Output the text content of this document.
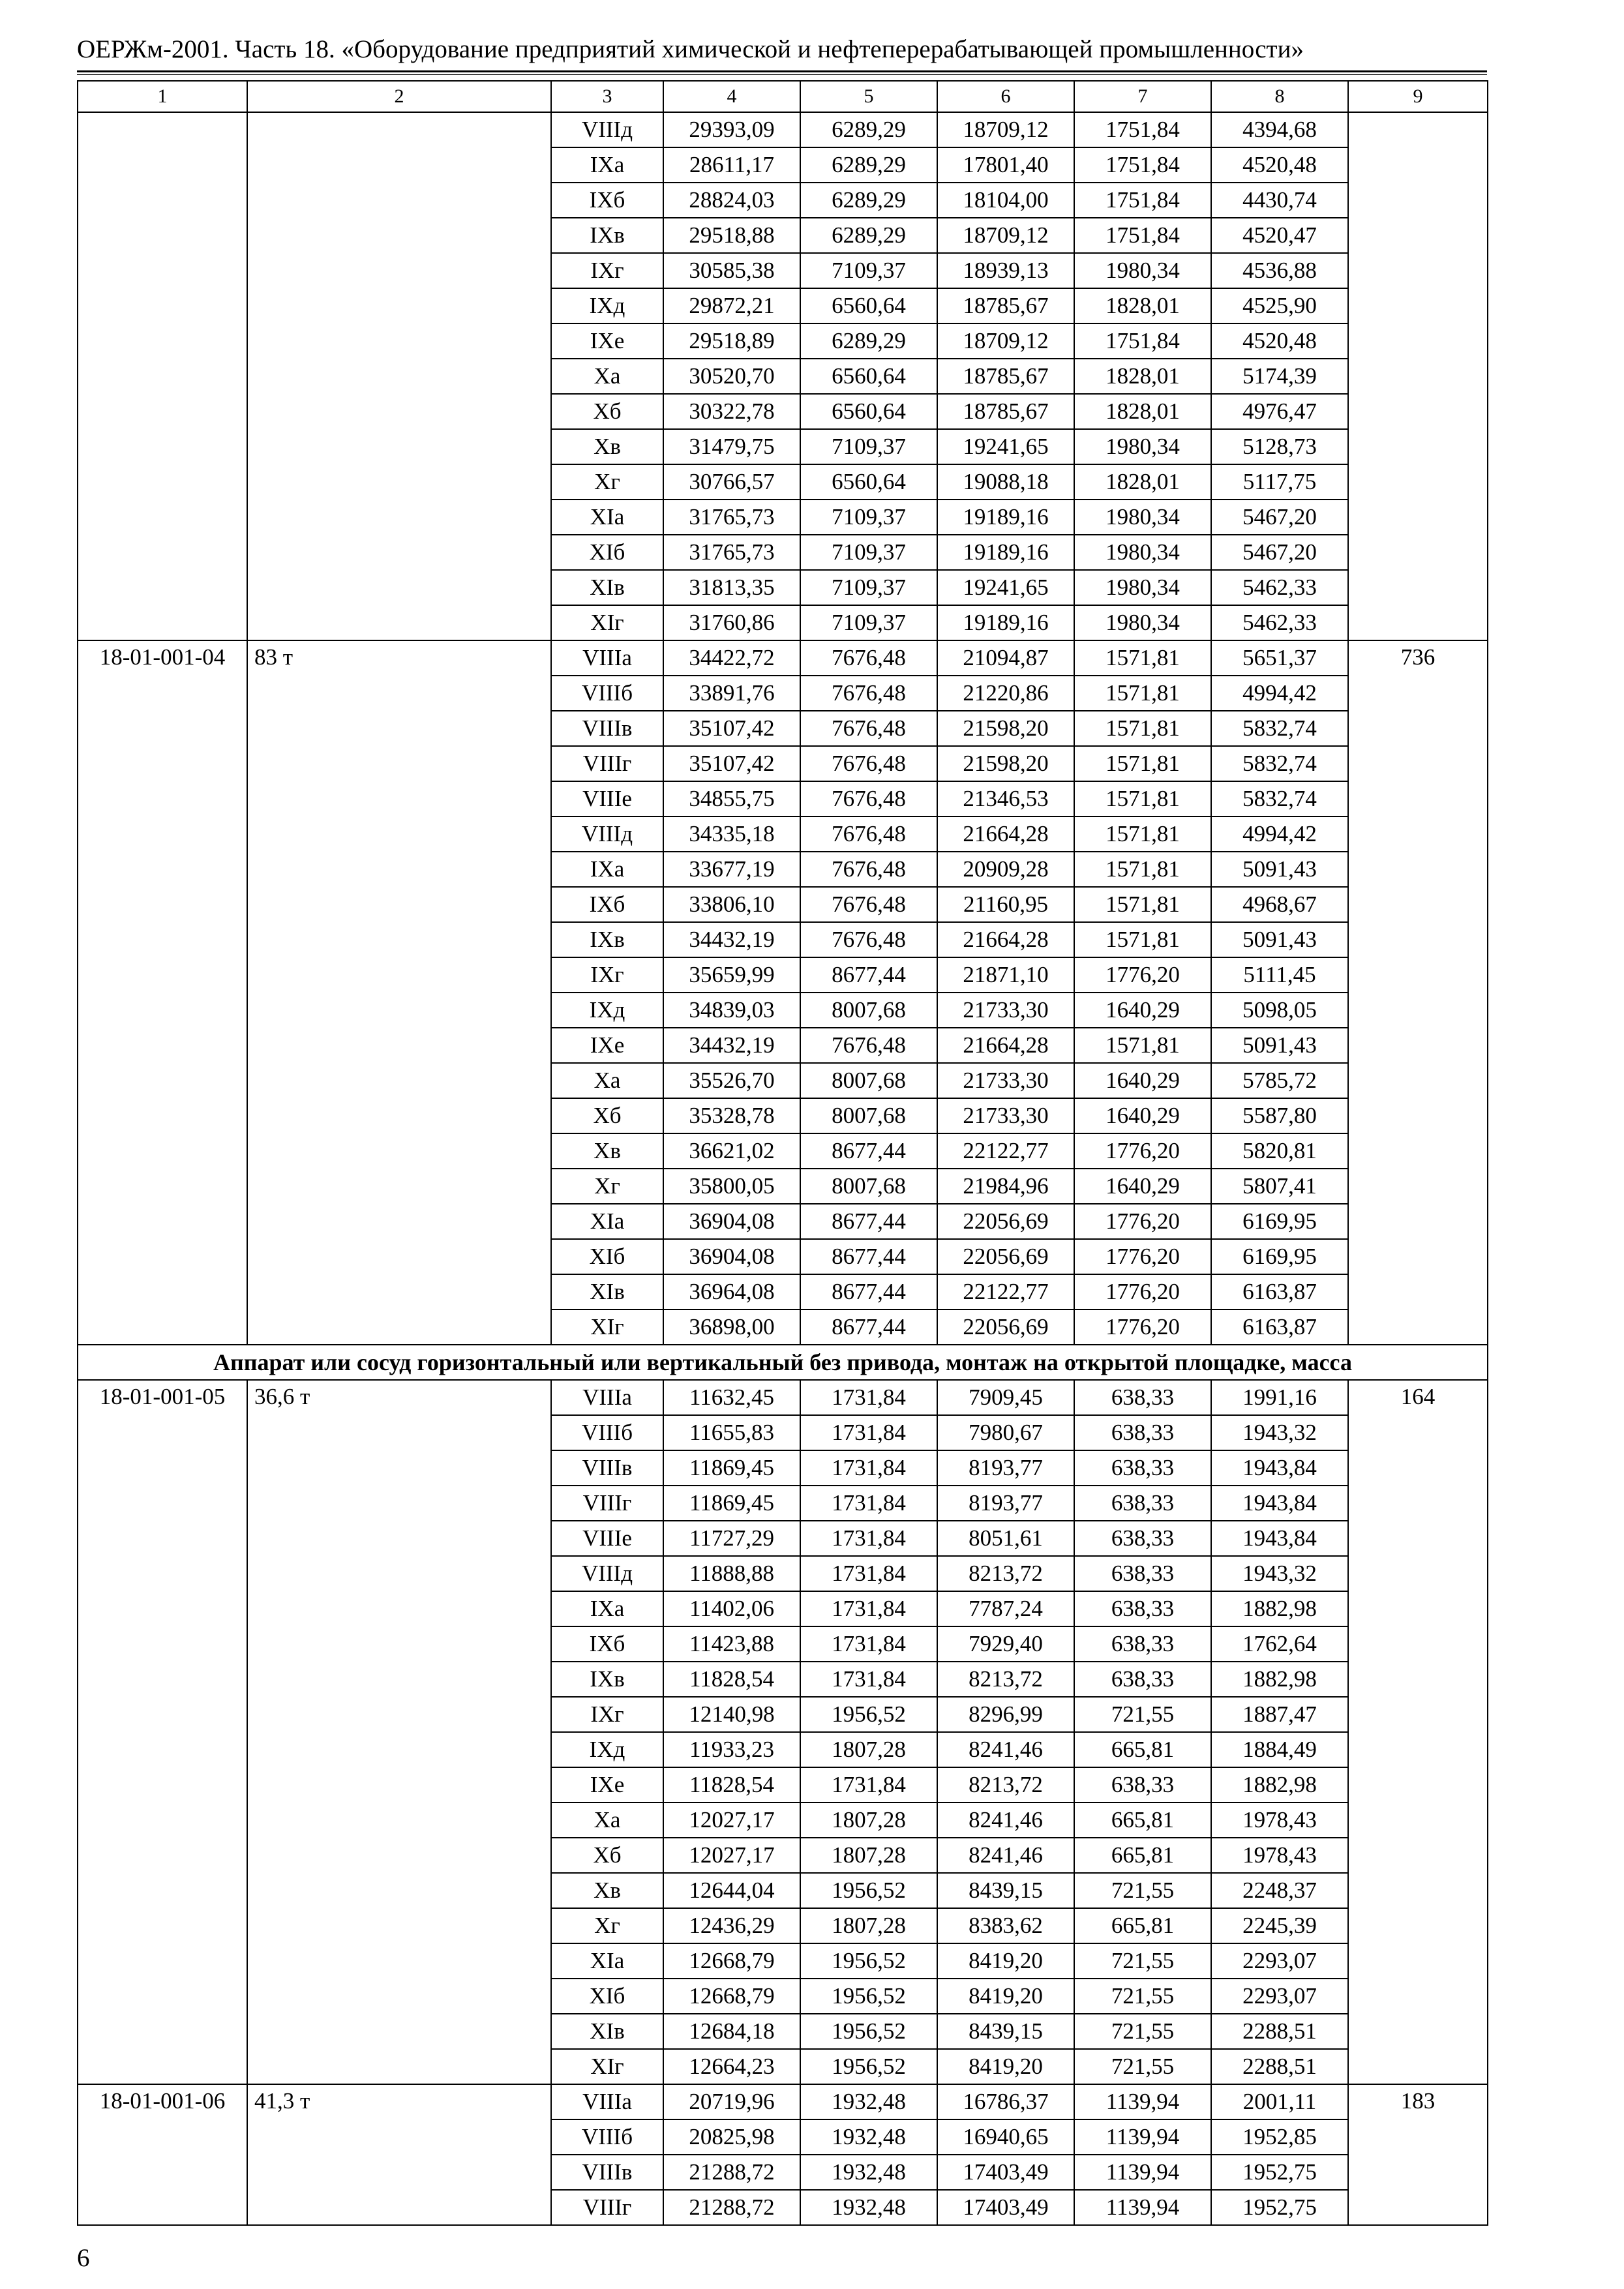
ОЕРЖм-2001. Часть 18. «Оборудование предприятий химической и нефтеперерабатывающей промышленности»
1	2	3	4	5	6	7	8	9
		VIIIд	29393,09	6289,29	18709,12	1751,84	4394,68	
		IXа	28611,17	6289,29	17801,40	1751,84	4520,48	
		IXб	28824,03	6289,29	18104,00	1751,84	4430,74	
		IXв	29518,88	6289,29	18709,12	1751,84	4520,47	
		IXг	30585,38	7109,37	18939,13	1980,34	4536,88	
		IXд	29872,21	6560,64	18785,67	1828,01	4525,90	
		IXе	29518,89	6289,29	18709,12	1751,84	4520,48	
		Xа	30520,70	6560,64	18785,67	1828,01	5174,39	
		Xб	30322,78	6560,64	18785,67	1828,01	4976,47	
		Xв	31479,75	7109,37	19241,65	1980,34	5128,73	
		Xг	30766,57	6560,64	19088,18	1828,01	5117,75	
		XIа	31765,73	7109,37	19189,16	1980,34	5467,20	
		XIб	31765,73	7109,37	19189,16	1980,34	5467,20	
		XIв	31813,35	7109,37	19241,65	1980,34	5462,33	
		XIг	31760,86	7109,37	19189,16	1980,34	5462,33	
18-01-001-04	83 т	VIIIа	34422,72	7676,48	21094,87	1571,81	5651,37	736
		VIIIб	33891,76	7676,48	21220,86	1571,81	4994,42	
		VIIIв	35107,42	7676,48	21598,20	1571,81	5832,74	
		VIIIг	35107,42	7676,48	21598,20	1571,81	5832,74	
		VIIIе	34855,75	7676,48	21346,53	1571,81	5832,74	
		VIIIд	34335,18	7676,48	21664,28	1571,81	4994,42	
		IXа	33677,19	7676,48	20909,28	1571,81	5091,43	
		IXб	33806,10	7676,48	21160,95	1571,81	4968,67	
		IXв	34432,19	7676,48	21664,28	1571,81	5091,43	
		IXг	35659,99	8677,44	21871,10	1776,20	5111,45	
		IXд	34839,03	8007,68	21733,30	1640,29	5098,05	
		IXе	34432,19	7676,48	21664,28	1571,81	5091,43	
		Xа	35526,70	8007,68	21733,30	1640,29	5785,72	
		Xб	35328,78	8007,68	21733,30	1640,29	5587,80	
		Xв	36621,02	8677,44	22122,77	1776,20	5820,81	
		Xг	35800,05	8007,68	21984,96	1640,29	5807,41	
		XIа	36904,08	8677,44	22056,69	1776,20	6169,95	
		XIб	36904,08	8677,44	22056,69	1776,20	6169,95	
		XIв	36964,08	8677,44	22122,77	1776,20	6163,87	
		XIг	36898,00	8677,44	22056,69	1776,20	6163,87	
Аппарат или сосуд горизонтальный или вертикальный без привода, монтаж на открытой площадке, масса								
18-01-001-05	36,6 т	VIIIа	11632,45	1731,84	7909,45	638,33	1991,16	164
		VIIIб	11655,83	1731,84	7980,67	638,33	1943,32	
		VIIIв	11869,45	1731,84	8193,77	638,33	1943,84	
		VIIIг	11869,45	1731,84	8193,77	638,33	1943,84	
		VIIIе	11727,29	1731,84	8051,61	638,33	1943,84	
		VIIIд	11888,88	1731,84	8213,72	638,33	1943,32	
		IXа	11402,06	1731,84	7787,24	638,33	1882,98	
		IXб	11423,88	1731,84	7929,40	638,33	1762,64	
		IXв	11828,54	1731,84	8213,72	638,33	1882,98	
		IXг	12140,98	1956,52	8296,99	721,55	1887,47	
		IXд	11933,23	1807,28	8241,46	665,81	1884,49	
		IXе	11828,54	1731,84	8213,72	638,33	1882,98	
		Xа	12027,17	1807,28	8241,46	665,81	1978,43	
		Xб	12027,17	1807,28	8241,46	665,81	1978,43	
		Xв	12644,04	1956,52	8439,15	721,55	2248,37	
		Xг	12436,29	1807,28	8383,62	665,81	2245,39	
		XIа	12668,79	1956,52	8419,20	721,55	2293,07	
		XIб	12668,79	1956,52	8419,20	721,55	2293,07	
		XIв	12684,18	1956,52	8439,15	721,55	2288,51	
		XIг	12664,23	1956,52	8419,20	721,55	2288,51	
18-01-001-06	41,3 т	VIIIа	20719,96	1932,48	16786,37	1139,94	2001,11	183
		VIIIб	20825,98	1932,48	16940,65	1139,94	1952,85	
		VIIIв	21288,72	1932,48	17403,49	1139,94	1952,75	
		VIIIг	21288,72	1932,48	17403,49	1139,94	1952,75	
6
